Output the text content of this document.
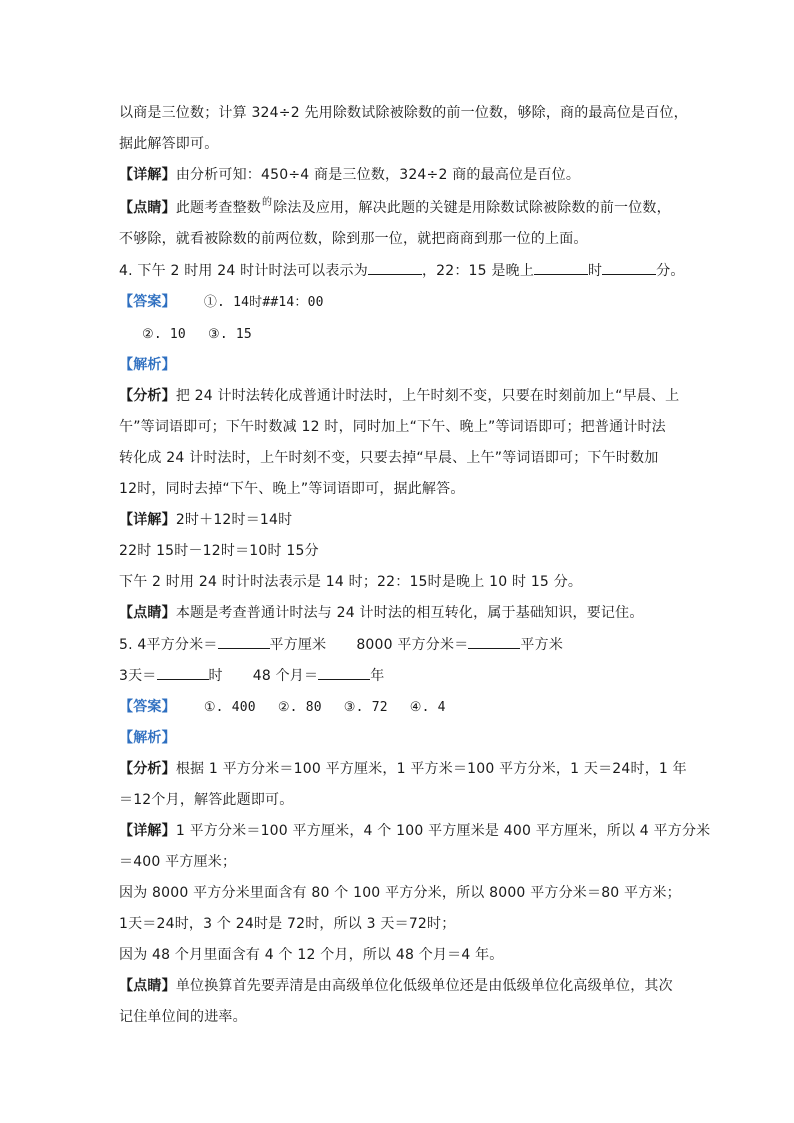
以商是三位数；计算 324÷2 先用除数试除被除数的前一位数，够除，商的最高位是百位，
据此解答即可。
【详解】由分析可知：450÷4 商是三位数，324÷2 商的最高位是百位。
【点睛】此题考查整数$^的$除法及应用，解决此题的关键是用除数试除被除数的前一位数，
不够除，就看被除数的前两位数，除到那一位，就把商商到那一位的上面。
4. 下午 2 时用 24 时计时法可以表示为	，22：15 是晚上	时	分。
【答案】 ①. 14时##14：00
②. 10 ③. 15
【解析】
【分析】把 24 计时法转化成普通计时法时，上午时刻不变，只要在时刻前加上“早晨、上
午”等词语即可；下午时数减 12 时，同时加上“下午、晚上”等词语即可；把普通计时法
转化成 24 计时法时，上午时刻不变，只要去掉“早晨、上午”等词语即可；下午时数加
12时，同时去掉“下午、晚上”等词语即可，据此解答。
【详解】2时＋12时＝14时
22时 15时－12时＝10时 15分
下午 2 时用 24 时计时法表示是 14 时；22：15时是晚上 10 时 15 分。
【点睛】本题是考查普通计时法与 24 计时法的相互转化，属于基础知识，要记住。
5. 4平方分米＝	平方厘米 8000 平方分米＝	平方米
3天＝	时 48 个月＝	年
【答案】 ①. 400 ②. 80 ③. 72 ④. 4
【解析】
【分析】根据 1 平方分米＝100 平方厘米，1 平方米＝100 平方分米，1 天＝24时，1 年
＝12个月，解答此题即可。
【详解】1 平方分米＝100 平方厘米，4 个 100 平方厘米是 400 平方厘米，所以 4 平方分米
＝400 平方厘米；
因为 8000 平方分米里面含有 80 个 100 平方分米，所以 8000 平方分米＝80 平方米；
1天＝24时，3 个 24时是 72时，所以 3 天＝72时；
因为 48 个月里面含有 4 个 12 个月，所以 48 个月＝4 年。
【点睛】单位换算首先要弄清是由高级单位化低级单位还是由低级单位化高级单位，其次
记住单位间的进率。
